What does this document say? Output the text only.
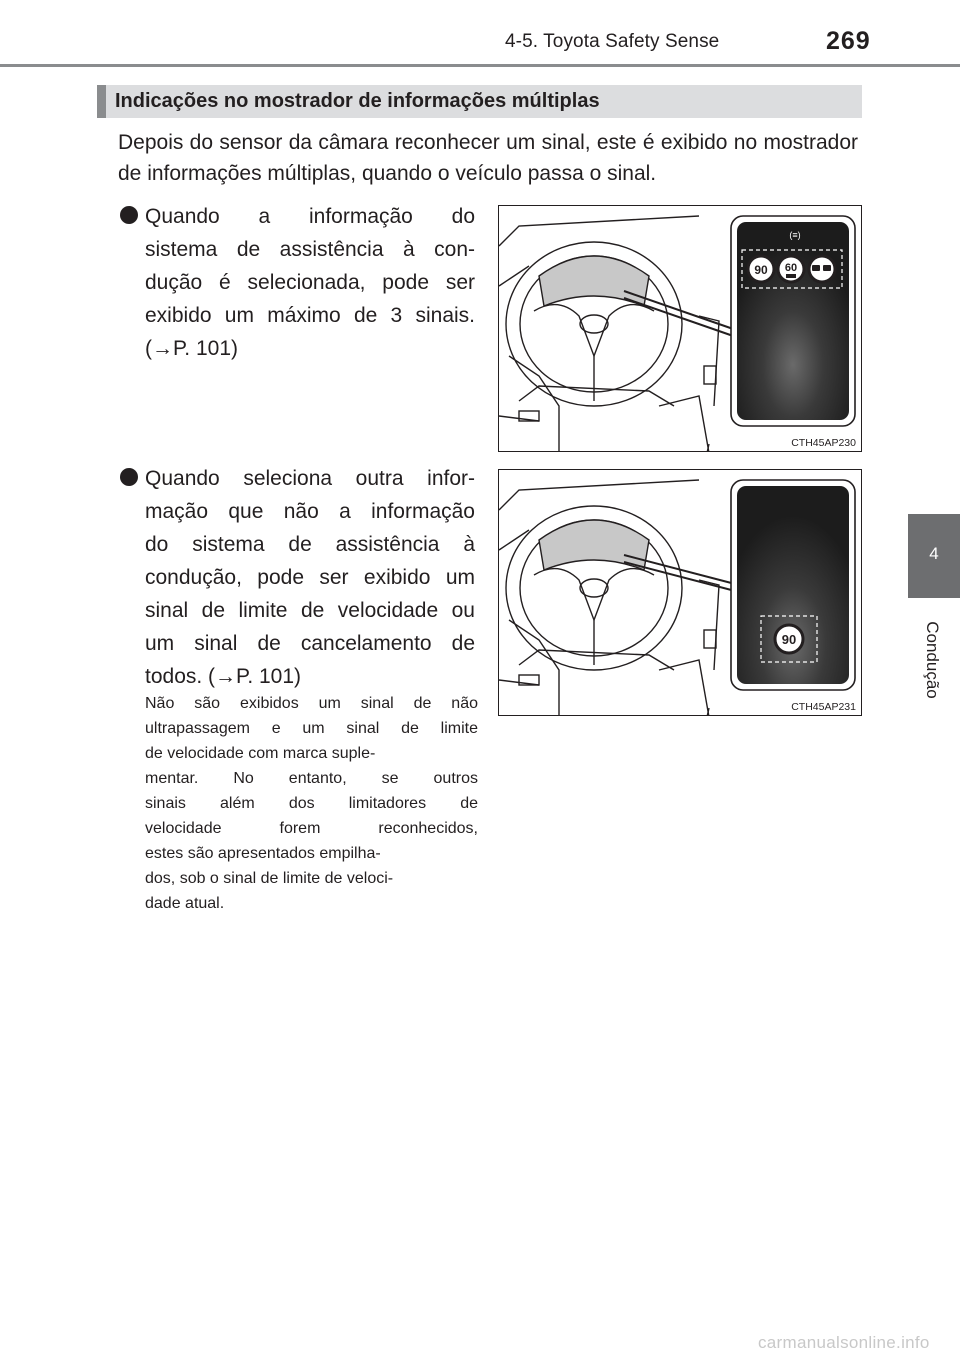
4-5. Toyota Safety Sense	269
4
Condução
Indicações no mostrador de informações múltiplas
Depois do sensor da câmara reconhecer um sinal, este é exibido no mostrador de informações múltiplas, quando o veículo passa o sinal.
Quando a informação do
sistema de assistência à con-
dução é selecionada, pode ser
exibido um máximo de 3 sinais.
(→P. 101)
Quando seleciona outra infor-
mação que não a informação
do sistema de assistência à
condução, pode ser exibido um
sinal de limite de velocidade ou
um sinal de cancelamento de
todos. (→P. 101)
Não são exibidos um sinal de não
ultrapassagem e um sinal de limite
de velocidade com marca suple-
mentar. No entanto, se outros
sinais além dos limitadores de
velocidade forem reconhecidos,
estes são apresentados empilha-
dos, sob o sinal de limite de veloci-
dade atual.
(≡)
90 60
CTH45AP230
90
CTH45AP231
carmanualsonline.info
